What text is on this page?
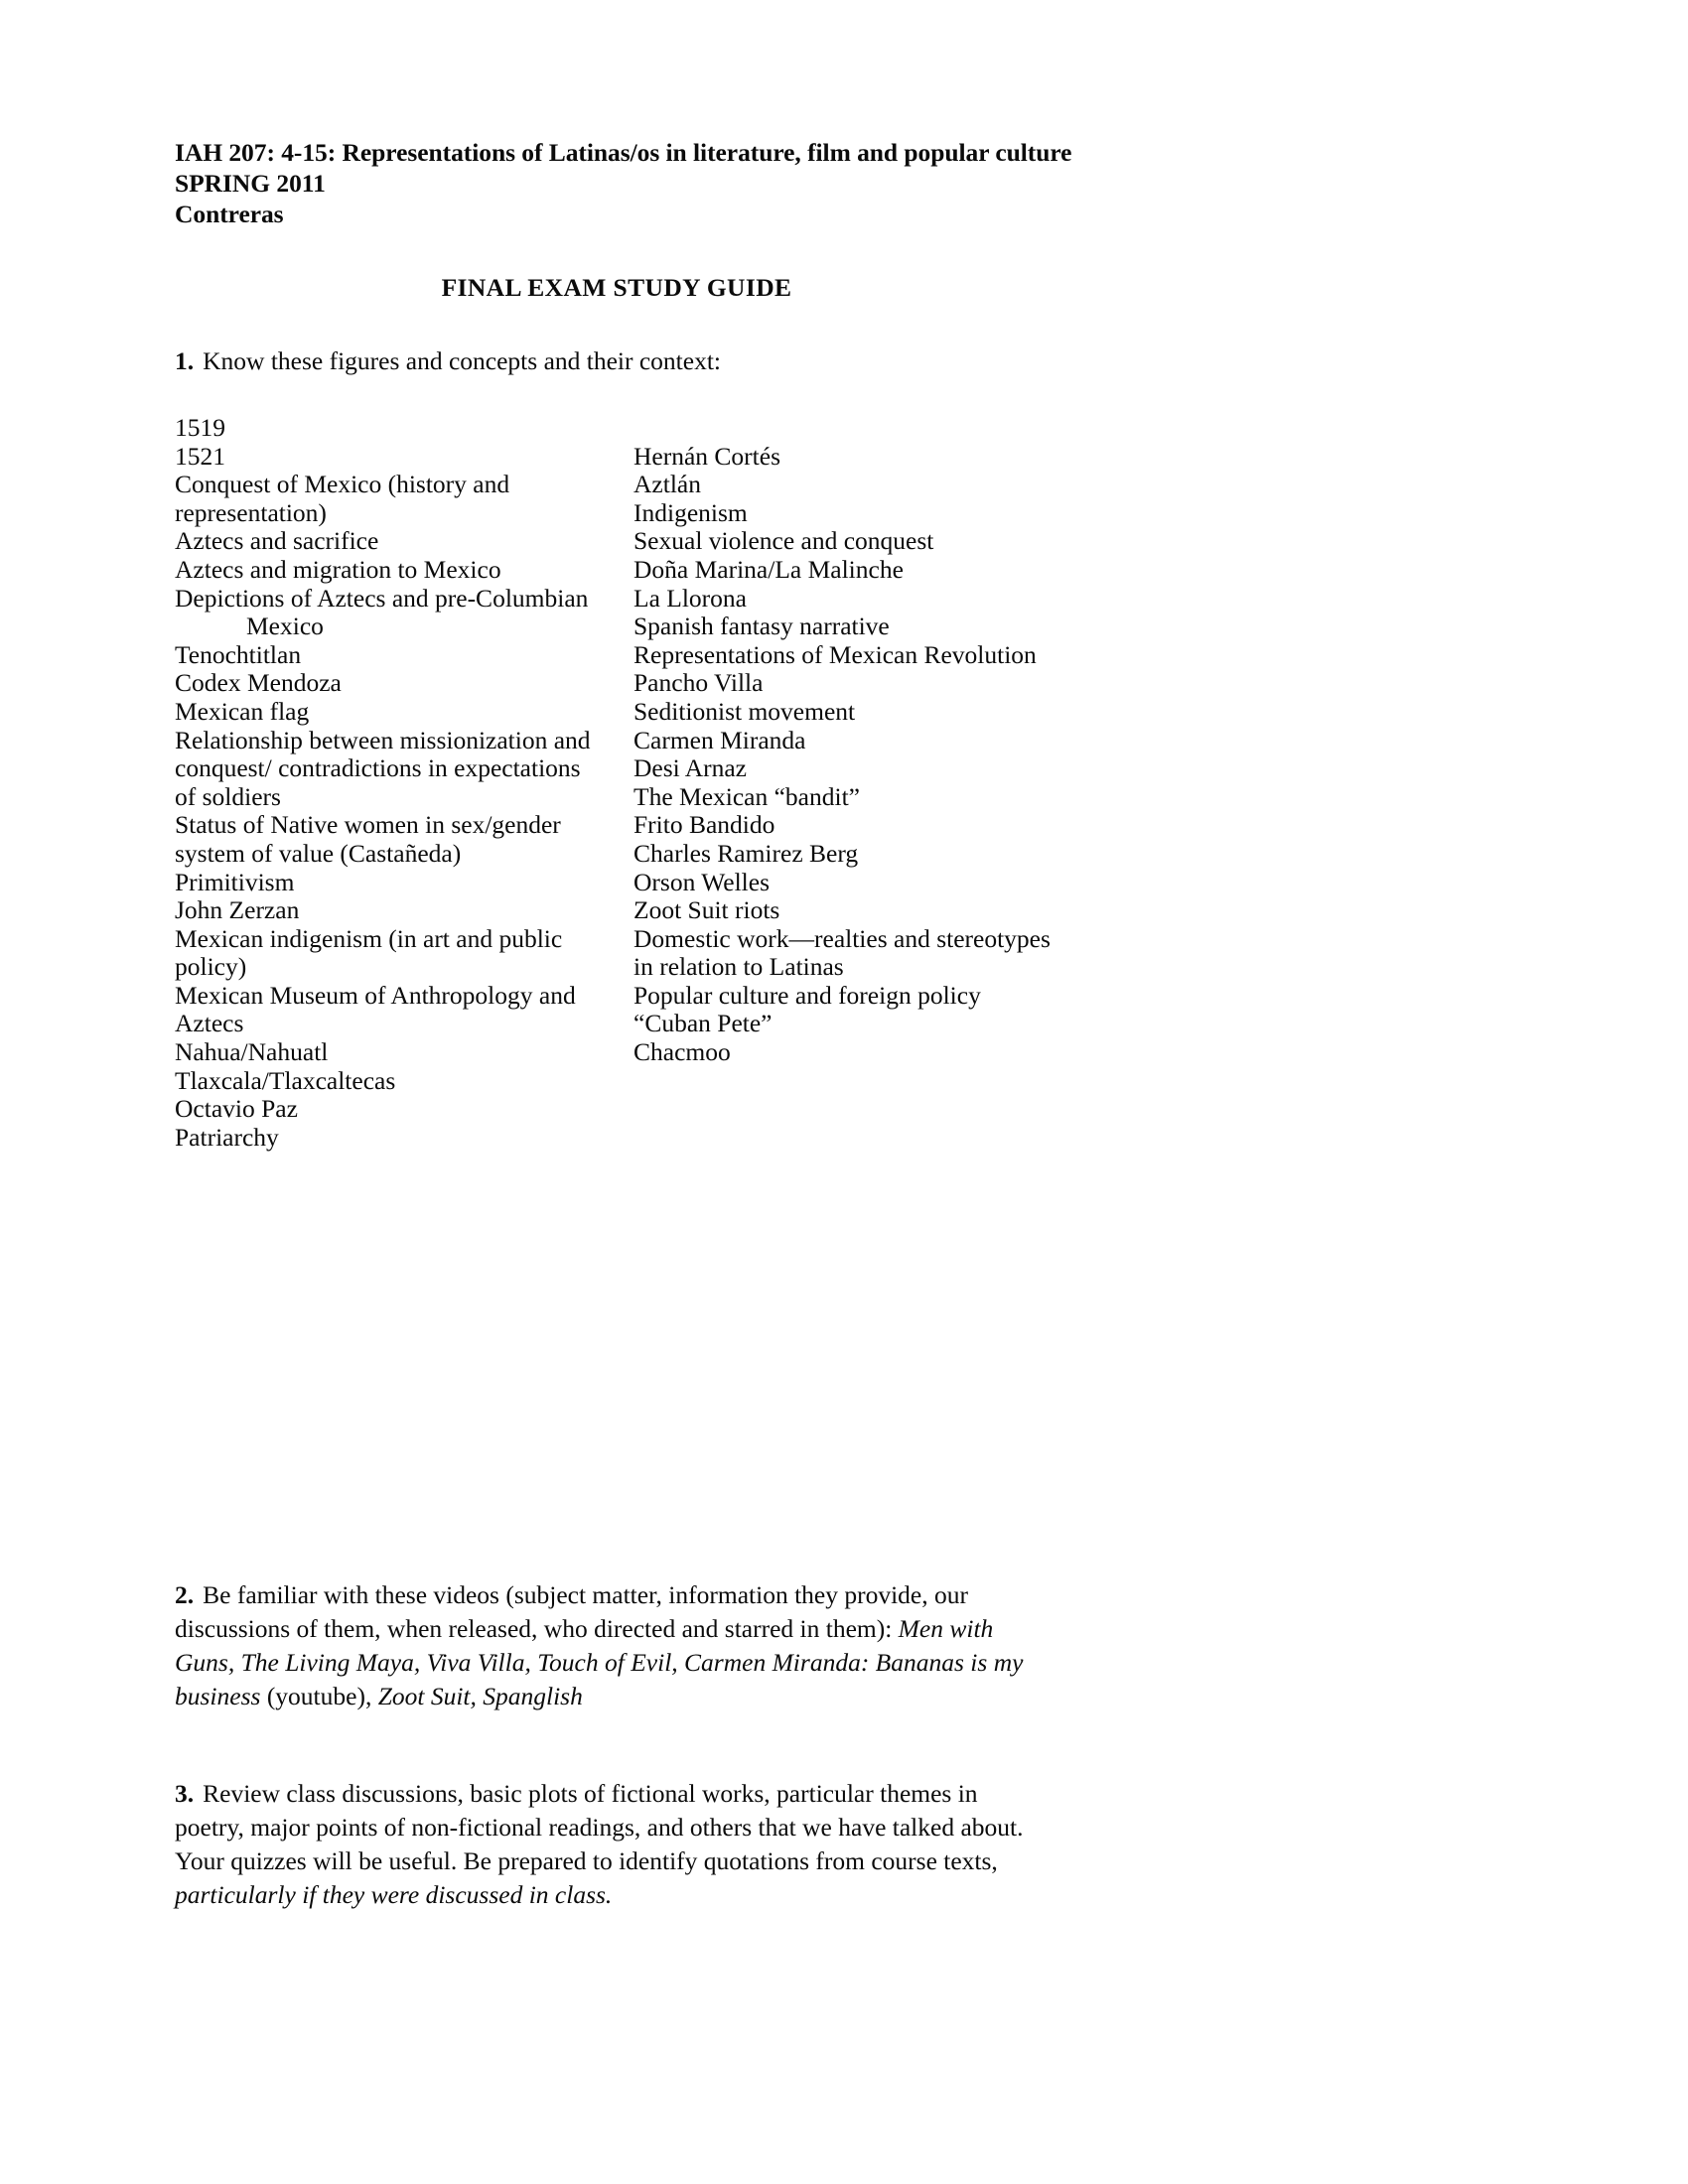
IAH 207: 4-15: Representations of Latinas/os in literature, film and popular culture
SPRING 2011
Contreras
FINAL EXAM STUDY GUIDE
1. Know these figures and concepts and their context:
1519
1521
Conquest of Mexico (history and
representation)
Aztecs and sacrifice
Aztecs and migration to Mexico
Depictions of Aztecs and pre-Columbian
Mexico
Tenochtitlan
Codex Mendoza
Mexican flag
Relationship between missionization and
conquest/ contradictions in expectations
of soldiers
Status of Native women in sex/gender
system of value (Castañeda)
Primitivism
John Zerzan
Mexican indigenism (in art and public
policy)
Mexican Museum of Anthropology and
Aztecs
Nahua/Nahuatl
Tlaxcala/Tlaxcaltecas
Octavio Paz
Patriarchy
Hernán Cortés
Aztlán
Indigenism
Sexual violence and conquest
Doña Marina/La Malinche
La Llorona
Spanish fantasy narrative
Representations of Mexican Revolution
Pancho Villa
Seditionist movement
Carmen Miranda
Desi Arnaz
The Mexican “bandit”
Frito Bandido
Charles Ramirez Berg
Orson Welles
Zoot Suit riots
Domestic work—realties and stereotypes
in relation to Latinas
Popular culture and foreign policy
“Cuban Pete”
Chacmoo
2. Be familiar with these videos (subject matter, information they provide, our discussions of them, when released, who directed and starred in them): Men with Guns, The Living Maya, Viva Villa, Touch of Evil, Carmen Miranda: Bananas is my business (youtube), Zoot Suit, Spanglish
3. Review class discussions, basic plots of fictional works, particular themes in poetry, major points of non-fictional readings, and others that we have talked about. Your quizzes will be useful. Be prepared to identify quotations from course texts, particularly if they were discussed in class.
